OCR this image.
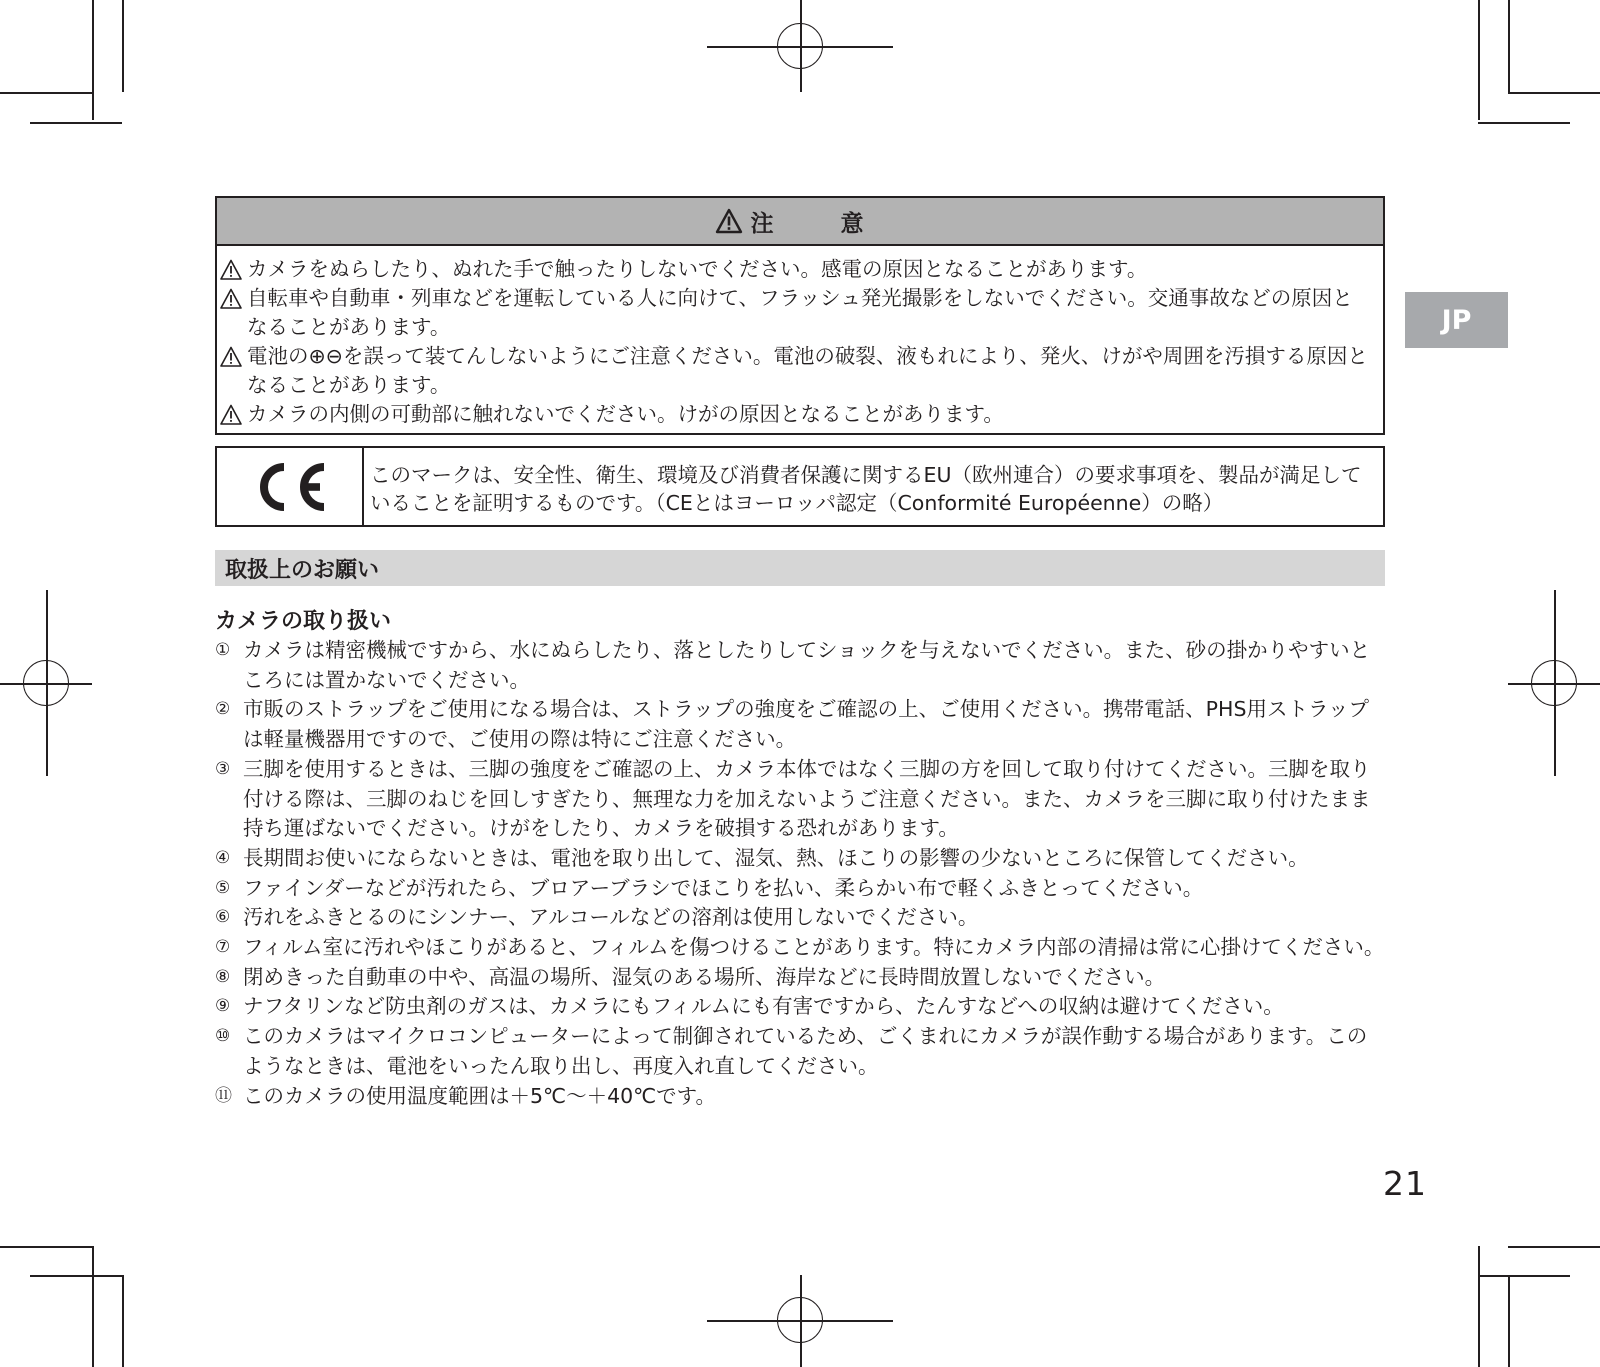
JP
注　意
カメラをぬらしたり、ぬれた手で触ったりしないでください。感電の原因となることがあります。
自転車や自動車・列車などを運転している人に向けて、フラッシュ発光撮影をしないでください。交通事故などの原因となることがあります。
電池の⊕⊖を誤って装てんしないようにご注意ください。電池の破裂、液もれにより、発火、けがや周囲を汚損する原因となることがあります。
カメラの内側の可動部に触れないでください。けがの原因となることがあります。
このマークは、安全性、衛生、環境及び消費者保護に関するEU（欧州連合）の要求事項を、製品が満足していることを証明するものです。（CEとはヨーロッパ認定（Conformité Européenne）の略）
取扱上のお願い
カメラの取り扱い
① カメラは精密機械ですから、水にぬらしたり、落としたりしてショックを与えないでください。また、砂の掛かりやすいところには置かないでください。
② 市販のストラップをご使用になる場合は、ストラップの強度をご確認の上、ご使用ください。携帯電話、PHS用ストラップは軽量機器用ですので、ご使用の際は特にご注意ください。
③ 三脚を使用するときは、三脚の強度をご確認の上、カメラ本体ではなく三脚の方を回して取り付けてください。三脚を取り付ける際は、三脚のねじを回しすぎたり、無理な力を加えないようご注意ください。また、カメラを三脚に取り付けたまま持ち運ばないでください。けがをしたり、カメラを破損する恐れがあります。
④ 長期間お使いにならないときは、電池を取り出して、湿気、熱、ほこりの影響の少ないところに保管してください。
⑤ ファインダーなどが汚れたら、ブロアーブラシでほこりを払い、柔らかい布で軽くふきとってください。
⑥ 汚れをふきとるのにシンナー、アルコールなどの溶剤は使用しないでください。
⑦ フィルム室に汚れやほこりがあると、フィルムを傷つけることがあります。特にカメラ内部の清掃は常に心掛けてください。
⑧ 閉めきった自動車の中や、高温の場所、湿気のある場所、海岸などに長時間放置しないでください。
⑨ ナフタリンなど防虫剤のガスは、カメラにもフィルムにも有害ですから、たんすなどへの収納は避けてください。
⑩ このカメラはマイクロコンピューターによって制御されているため、ごくまれにカメラが誤作動する場合があります。このようなときは、電池をいったん取り出し、再度入れ直してください。
⑪ このカメラの使用温度範囲は＋5℃～＋40℃です。
21
